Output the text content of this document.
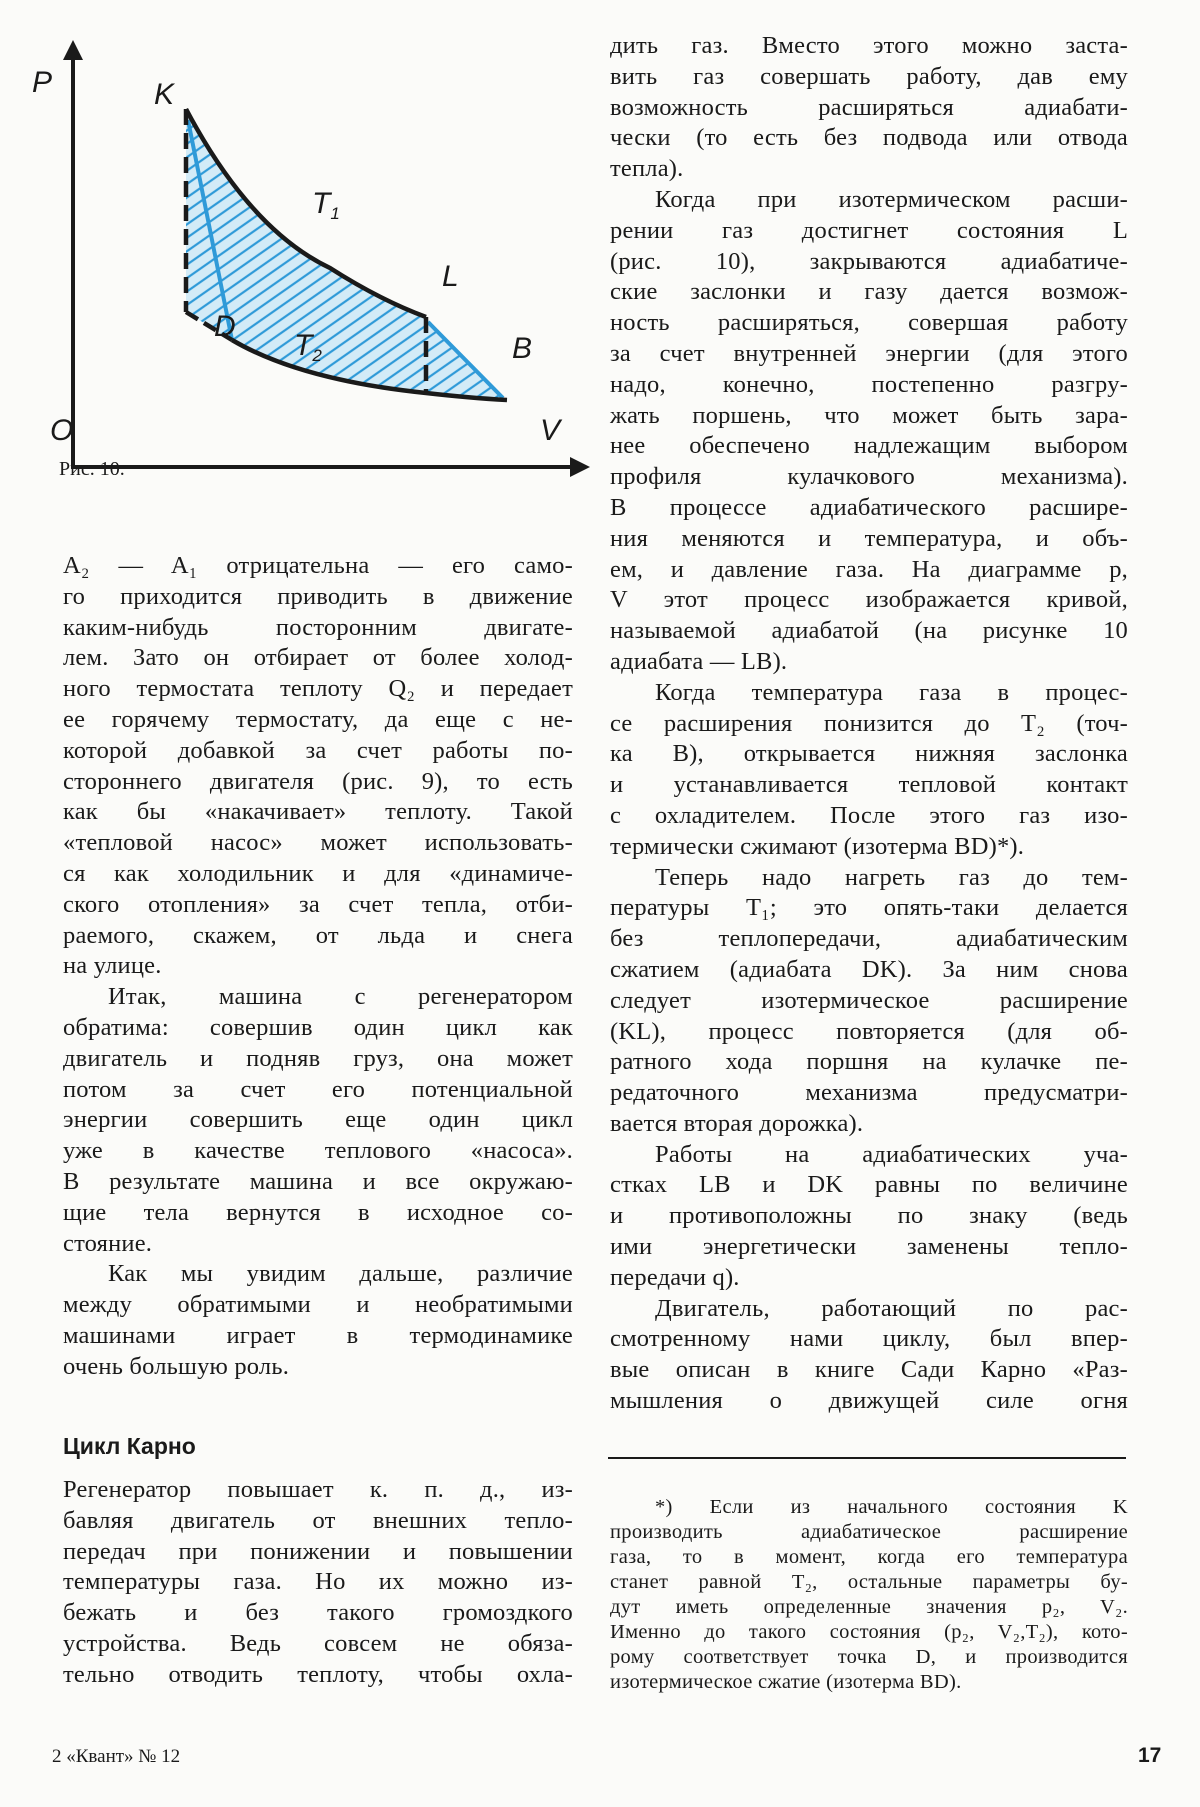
P	K
$T_1$
L
D
$T_2$	B
O	V
Рис. 10.
A₂ — A₁ отрицательна — его само-
го приходится приводить в движение
каким-нибудь посторонним двигате-
лем. Зато он отбирает от более холод-
ного термостата теплоту Q₂ и передает
ее горячему термостату, да еще с не-
которой добавкой за счет работы по-
стороннего двигателя (рис. 9), то есть
как бы «накачивает» теплоту. Такой
«тепловой насос» может использовать-
ся как холодильник и для «динамиче-
ского отопления» за счет тепла, отби-
раемого, скажем, от льда и снега
на улице.
Итак, машина с регенератором
обратима: совершив один цикл как
двигатель и подняв груз, она может
потом за счет его потенциальной
энергии совершить еще один цикл
уже в качестве теплового «насоса».
В результате машина и все окружаю-
щие тела вернутся в исходное со-
стояние.
Как мы увидим дальше, различие
между обратимыми и необратимыми
машинами играет в термодинамике
очень большую роль.
Цикл Карно
Регенератор повышает к. п. д., из-
бавляя двигатель от внешних тепло-
передач при понижении и повышении
температуры газа. Но их можно из-
бежать и без такого громоздкого
устройства. Ведь совсем не обяза-
тельно отводить теплоту, чтобы охла-
дить газ. Вместо этого можно заста-
вить газ совершать работу, дав ему
возможность расширяться адиабати-
чески (то есть без подвода или отвода
тепла).
Когда при изотермическом расши-
рении газ достигнет состояния L
(рис. 10), закрываются адиабатиче-
ские заслонки и газу дается возмож-
ность расширяться, совершая работу
за счет внутренней энергии (для этого
надо, конечно, постепенно разгру-
жать поршень, что может быть зара-
нее обеспечено надлежащим выбором
профиля кулачкового механизма).
В процессе адиабатического расшире-
ния меняются и температура, и объ-
ем, и давление газа. На диаграмме p,
V этот процесс изображается кривой,
называемой адиабатой (на рисунке 10
адиабата — LB).
Когда температура газа в процес-
се расширения понизится до T₂ (точ-
ка B), открывается нижняя заслонка
и устанавливается тепловой контакт
с охладителем. После этого газ изо-
термически сжимают (изотерма BD)*).
Теперь надо нагреть газ до тем-
пературы T₁; это опять-таки делается
без теплопередачи, адиабатическим
сжатием (адиабата DK). За ним снова
следует изотермическое расширение
(KL), процесс повторяется (для об-
ратного хода поршня на кулачке пе-
редаточного механизма предусматри-
вается вторая дорожка).
Работы на адиабатических уча-
стках LB и DK равны по величине
и противоположны по знаку (ведь
ими энергетически заменены тепло-
передачи q).
Двигатель, работающий по рас-
смотренному нами циклу, был впер-
вые описан в книге Сади Карно «Раз-
мышления о движущей силе огня
*) Если из начального состояния K
производить адиабатическое расширение
газа, то в момент, когда его температура
станет равной T₂, остальные параметры бу-
дут иметь определенные значения p₂, V₂.
Именно до такого состояния (p₂, V₂,T₂), кото-
рому соответствует точка D, и производится
изотермическое сжатие (изотерма BD).
2 «Квант» № 12	17
